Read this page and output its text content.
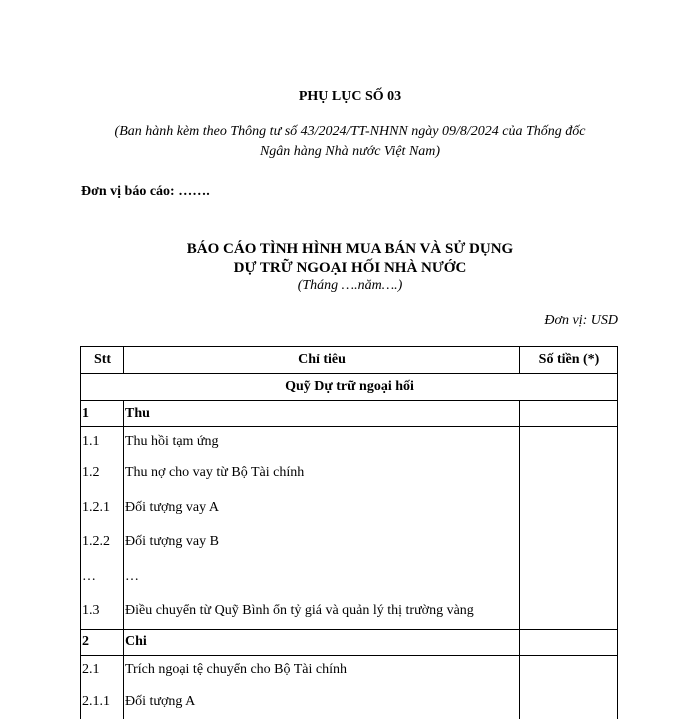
PHỤ LỤC SỐ 03
(Ban hành kèm theo Thông tư số 43/2024/TT-NHNN ngày 09/8/2024 của Thống đốc
Ngân hàng Nhà nước Việt Nam)
Đơn vị báo cáo: …….
BÁO CÁO TÌNH HÌNH MUA BÁN VÀ SỬ DỤNG
DỰ TRỮ NGOẠI HỐI NHÀ NƯỚC
(Tháng ….năm….)
Đơn vị: USD
Stt	Chỉ tiêu	Số tiền (*)
Quỹ Dự trữ ngoại hối		
1	Thu	
1.1	Thu hồi tạm ứng	
1.2	Thu nợ cho vay từ Bộ Tài chính	
1.2.1	Đối tượng vay A	
1.2.2	Đối tượng vay B	
…	…	
1.3	Điều chuyển từ Quỹ Bình ổn tỷ giá và quản lý thị trường vàng	
2	Chi	
2.1	Trích ngoại tệ chuyển cho Bộ Tài chính	
2.1.1	Đối tượng A	
